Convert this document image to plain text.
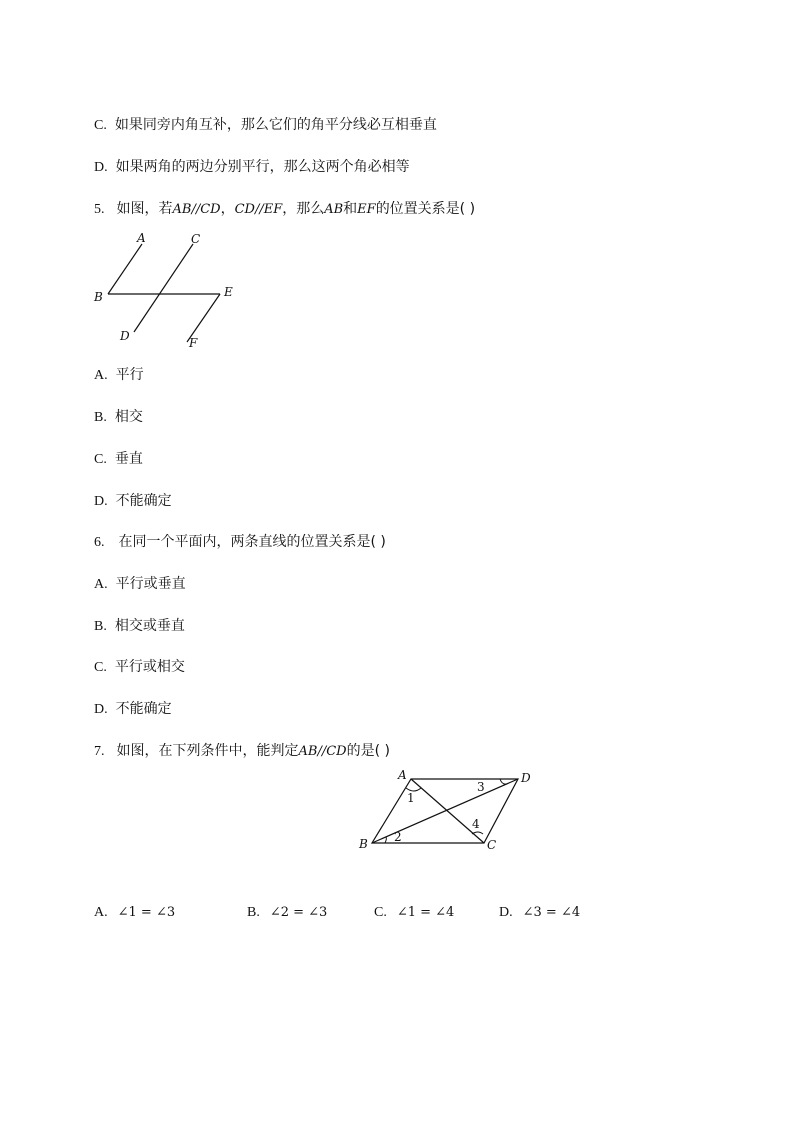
C. 如果同旁内角互补，那么它们的角平分线必互相垂直
D. 如果两角的两边分别平行，那么这两个角必相等
5. 如图，若AB//CD，CD//EF，那么AB和EF的位置关系是( )
A	C
B	E
D	F
A. 平行
B. 相交
C. 垂直
D. 不能确定
6. 在同一个平面内，两条直线的位置关系是( )
A. 平行或垂直
B. 相交或垂直
C. 平行或相交
D. 不能确定
7. 如图，在下列条件中，能判定AB//CD的是( )
A	D
B	C
1
2
3
4
A. ∠1 = ∠3	B. ∠2 = ∠3	C. ∠1 = ∠4	D. ∠3 = ∠4
